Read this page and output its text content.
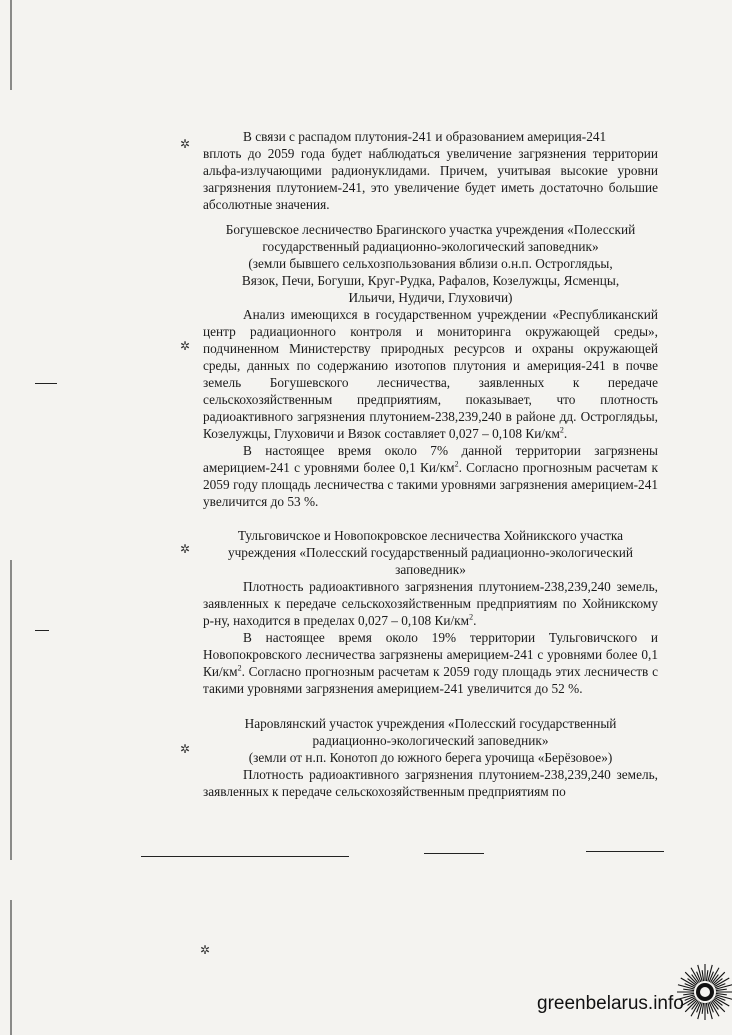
✲
✲
✲
✲
✲

В связи с распадом плутония-241 и образованием америция-241

вплоть до 2059 года будет наблюдаться увеличение загрязнения территории альфа-излучающими радионуклидами. Причем, учитывая высокие уровни загрязнения плутонием-241, это увеличение будет иметь достаточно большие абсолютные значения.

Богушевское лесничество Брагинского участка учреждения «Полесский государственный радиационно-экологический заповедник»

(земли бывшего сельхозпользования вблизи о.н.п. Остроглядьы,

Вязок, Печи, Богуши, Круг-Рудка, Рафалов, Козелужцы, Ясменцы,

Ильичи, Нудичи, Глуховичи)

Анализ имеющихся в государственном учреждении «Республиканский центр радиационного контроля и мониторинга окружающей среды», подчиненном Министерству природных ресурсов и охраны окружающей среды, данных по содержанию изотопов плутония и америция-241 в почве земель Богушевского лесничества, заявленных к передаче сельскохозяйственным предприятиям, показывает, что плотность радиоактивного загрязнения плутонием-238,239,240 в районе дд. Остроглядьы, Козелужцы, Глуховичи и Вязок составляет 0,027 – 0,108 $Ки/км^2$.

В настоящее время около 7% данной территории загрязнены америцием-241 с уровнями более 0,1 $Ки/км^2$. Согласно прогнозным расчетам к 2059 году площадь лесничества с такими уровнями загрязнения америцием-241 увеличится до 53 %.

Тульговичское и Новопокровское лесничества Хойникского участка учреждения «Полесский государственный радиационно-экологический заповедник»

Плотность радиоактивного загрязнения плутонием-238,239,240 земель, заявленных к передаче сельскохозяйственным предприятиям по Хойникскому р-ну, находится в пределах 0,027 – 0,108 $Ки/км^2$.

В настоящее время около 19% территории Тульговичского и Новопокровского лесничества загрязнены америцием-241 с уровнями более 0,1 $Ки/км^2$. Согласно прогнозным расчетам к 2059 году площадь этих лесничеств с такими уровнями загрязнения америцием-241 увеличится до 52 %.

Наровлянский участок учреждения «Полесский государственный радиационно-экологический заповедник»

(земли от н.п. Конотоп до южного берега урочища «Берёзовое»)

Плотность радиоактивного загрязнения плутонием-238,239,240 земель, заявленных к передаче сельскохозяйственным предприятиям по

greenbelarus.info
